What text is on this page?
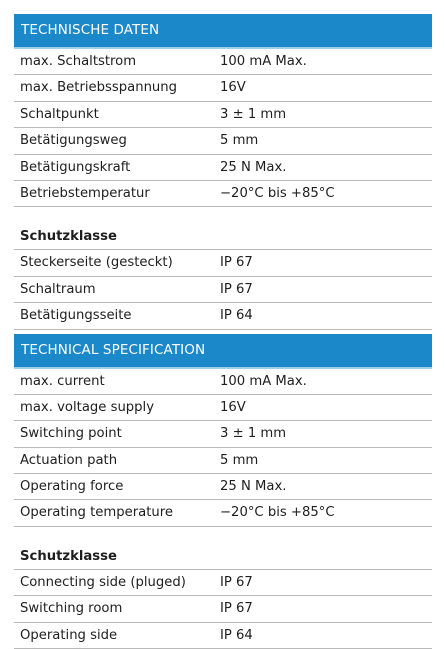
TECHNISCHE DATEN
max. Schaltstrom	100 mA Max.
max. Betriebsspannung	16V
Schaltpunkt	3 ± 1 mm
Betätigungsweg	5 mm
Betätigungskraft	25 N Max.
Betriebstemperatur	−20°C bis +85°C
Schutzklasse
Steckerseite (gesteckt)	IP 67
Schaltraum	IP 67
Betätigungsseite	IP 64
TECHNICAL SPECIFICATION
max. current	100 mA Max.
max. voltage supply	16V
Switching point	3 ± 1 mm
Actuation path	5 mm
Operating force	25 N Max.
Operating temperature	−20°C bis +85°C
Schutzklasse
Connecting side (pluged)	IP 67
Switching room	IP 67
Operating side	IP 64
